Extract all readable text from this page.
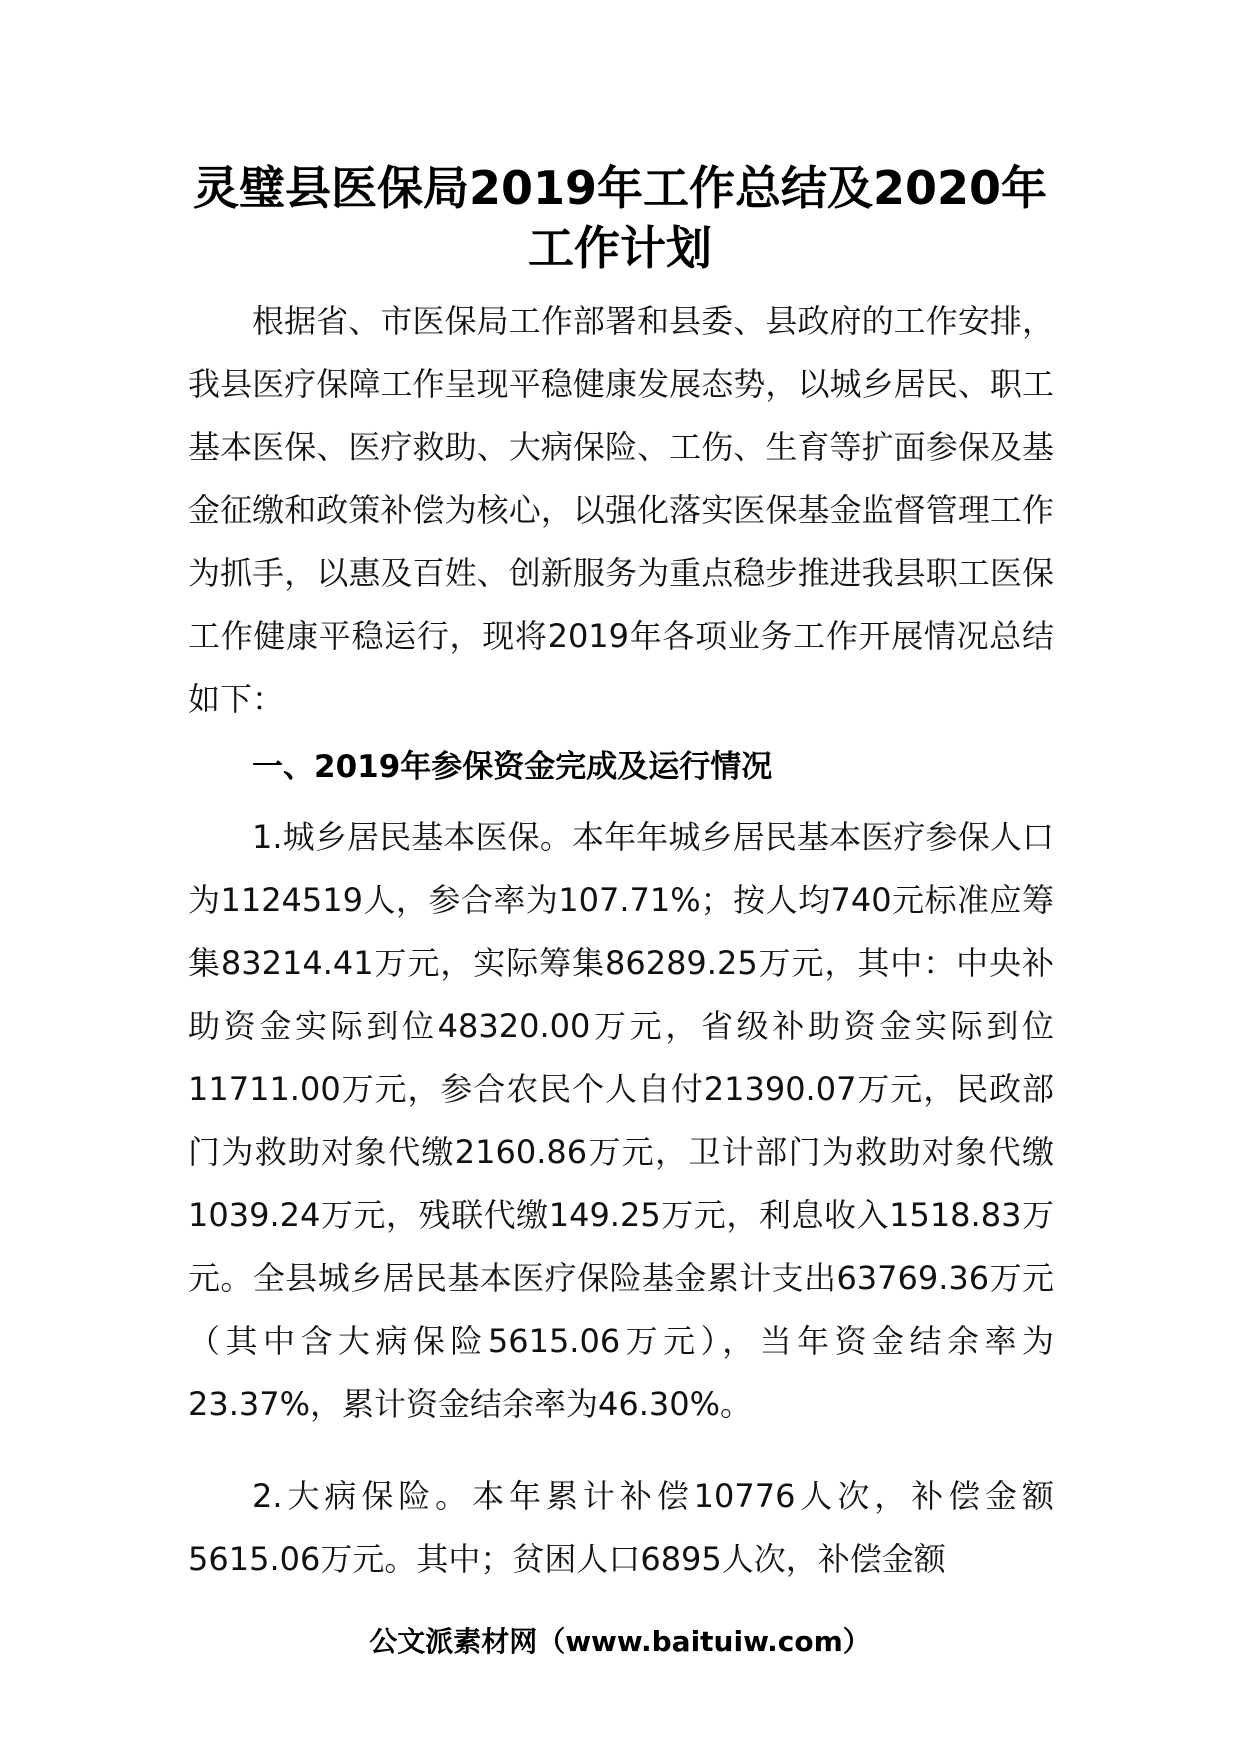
灵璧县医保局2019年工作总结及2020年工作计划

根据省、市医保局工作部署和县委、县政府的工作安排，我县医疗保障工作呈现平稳健康发展态势，以城乡居民、职工基本医保、医疗救助、大病保险、工伤、生育等扩面参保及基金征缴和政策补偿为核心，以强化落实医保基金监督管理工作为抓手，以惠及百姓、创新服务为重点稳步推进我县职工医保工作健康平稳运行，现将2019年各项业务工作开展情况总结如下：

一、2019年参保资金完成及运行情况

1.城乡居民基本医保。本年年城乡居民基本医疗参保人口为1124519人，参合率为107.71%；按人均740元标准应筹集83214.41万元，实际筹集86289.25万元，其中：中央补助资金实际到位48320.00万元，省级补助资金实际到位11711.00万元，参合农民个人自付21390.07万元，民政部门为救助对象代缴2160.86万元，卫计部门为救助对象代缴1039.24万元，残联代缴149.25万元，利息收入1518.83万元。全县城乡居民基本医疗保险基金累计支出63769.36万元（其中含大病保险5615.06万元），当年资金结余率为23.37%，累计资金结余率为46.30%。

2.大病保险。本年累计补偿10776人次，补偿金额5615.06万元。其中；贫困人口6895人次，补偿金额

公文派素材网（www.baituiw.com）
